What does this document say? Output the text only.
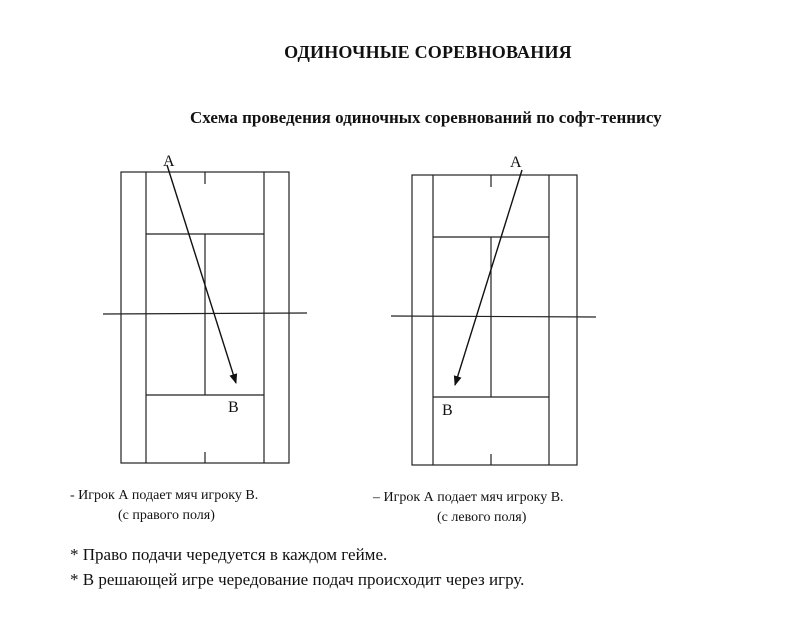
ОДИНОЧНЫЕ СОРЕВНОВАНИЯ
Схема проведения одиночных соревнований по софт-теннису
A
B
A
B
- Игрок А подает мяч игроку В.
(с правого поля)
– Игрок А подает мяч игроку В.
(с левого поля)
* Право подачи чередуется в каждом гейме.
* В решающей игре чередование подач происходит через игру.
